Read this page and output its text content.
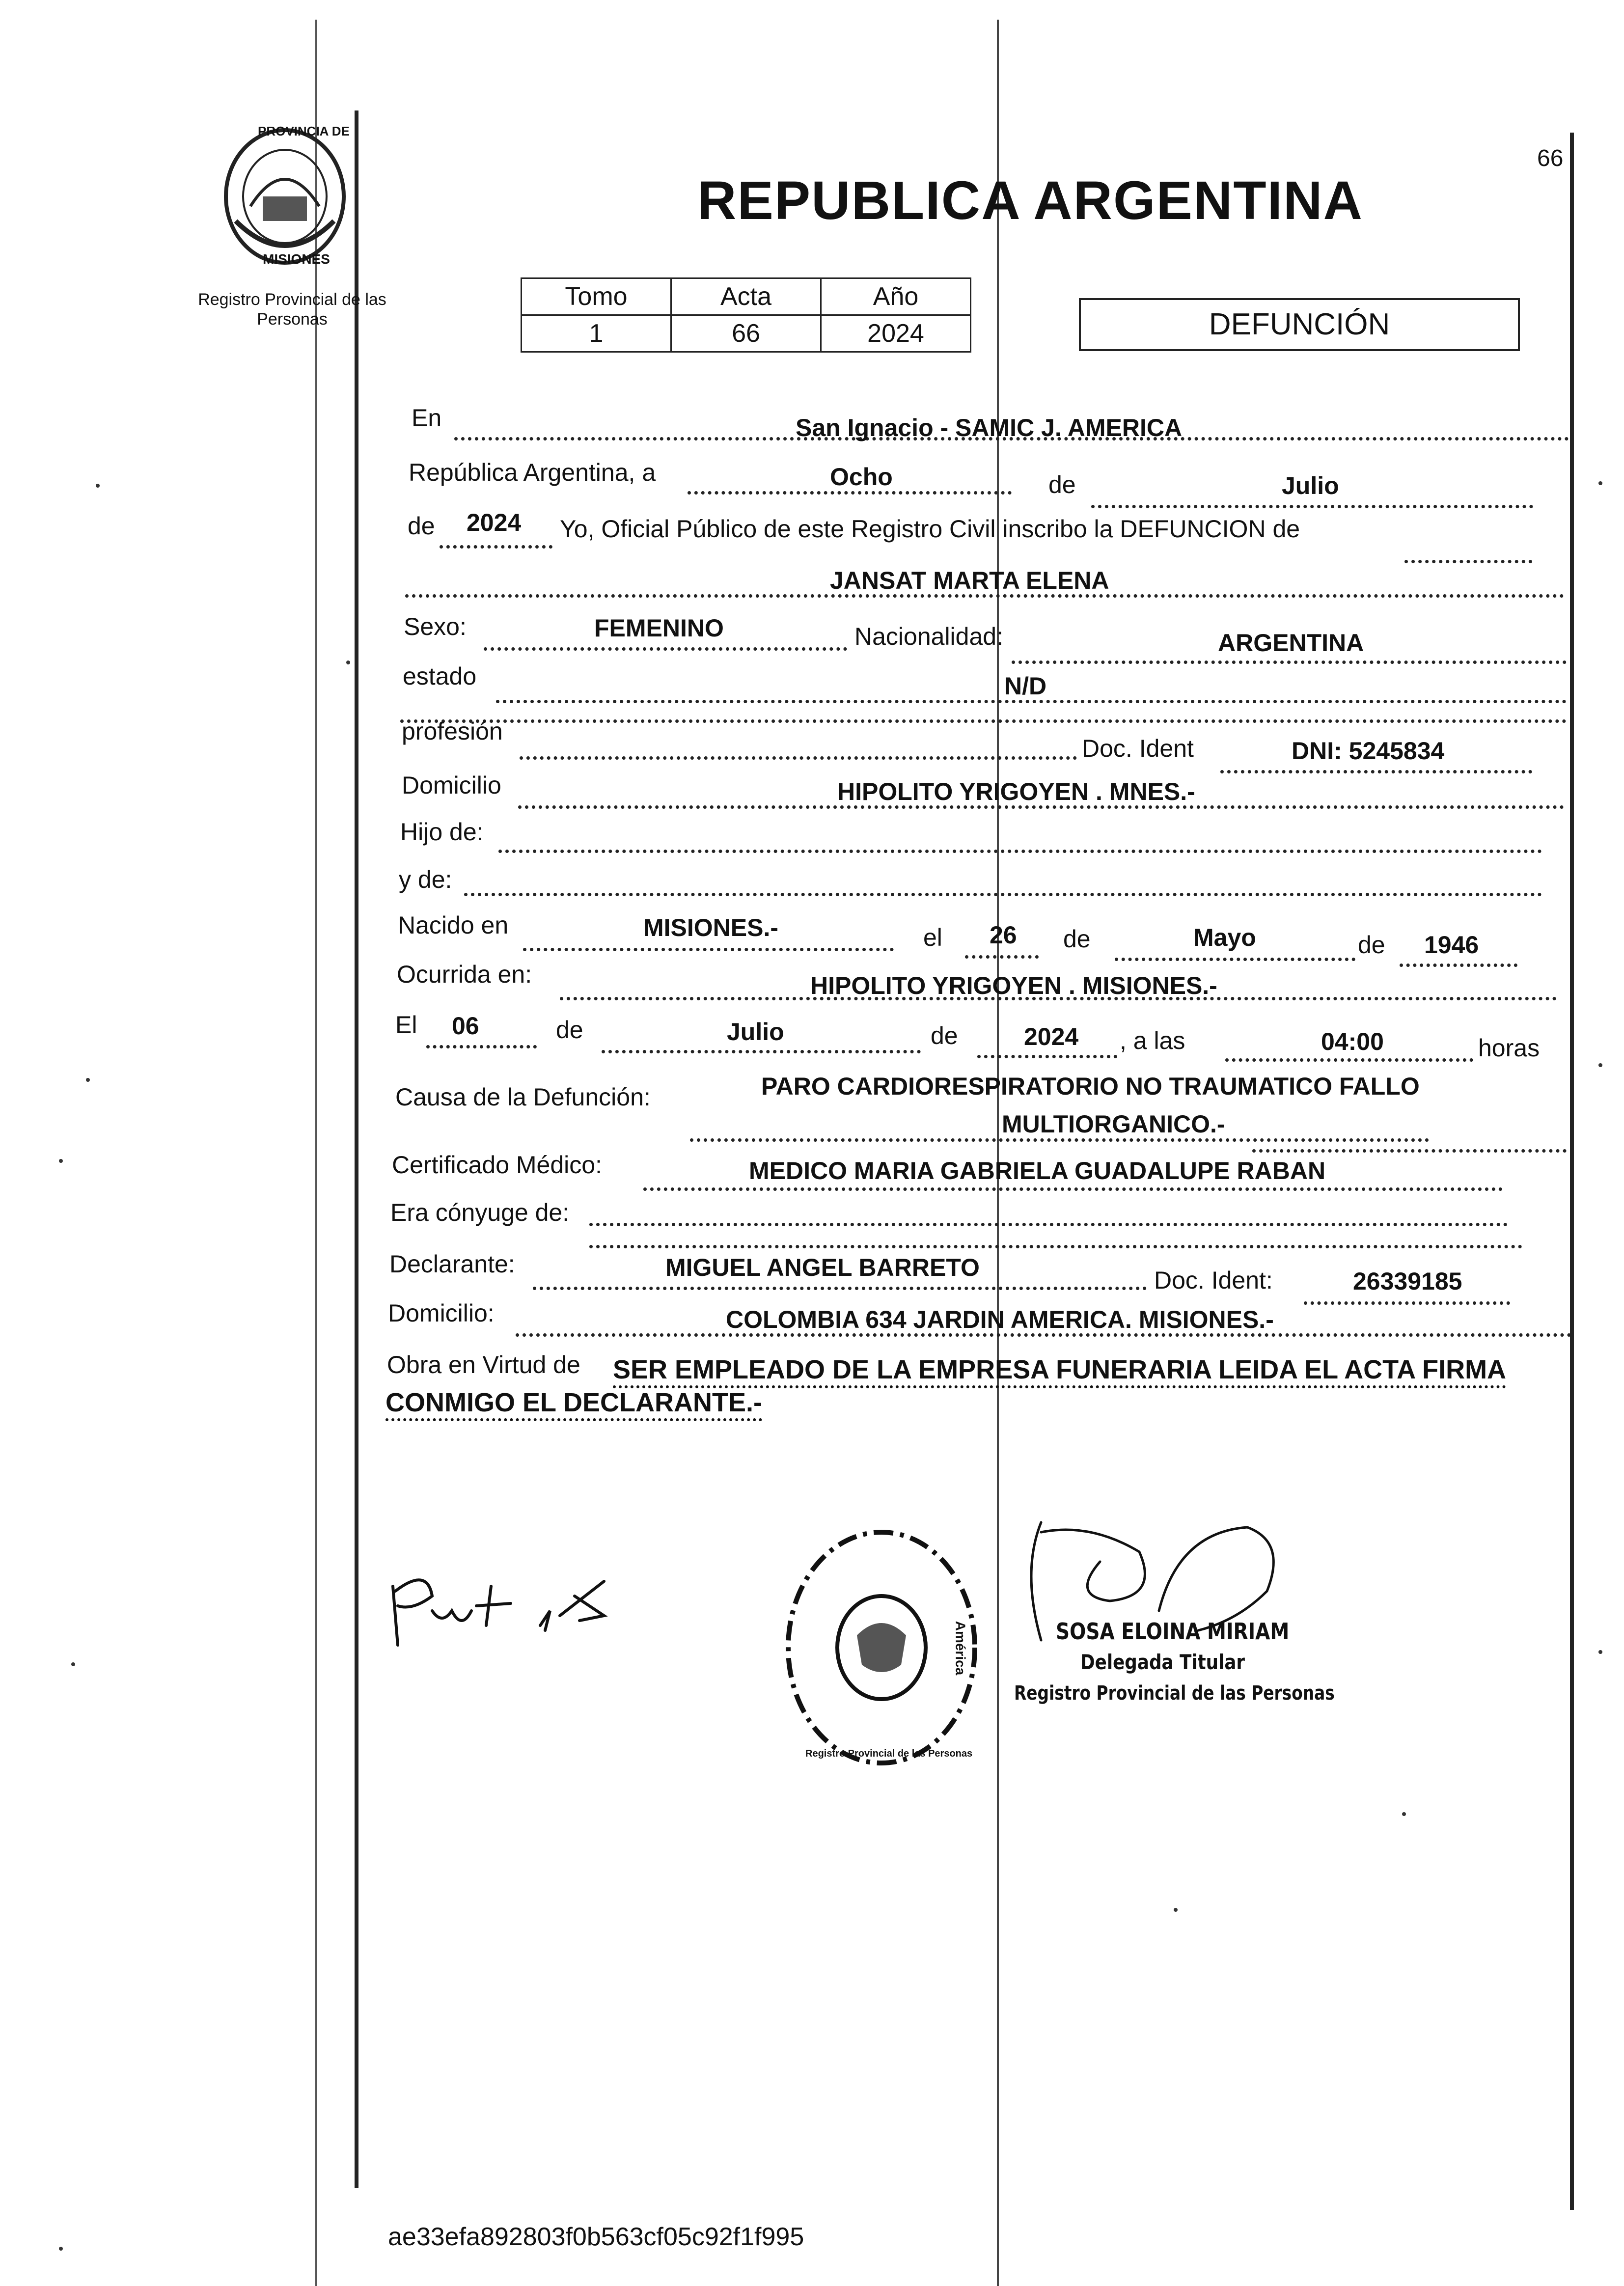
PROVINCIA DE
MISIONES
Registro Provincial de las Personas
66
REPUBLICA ARGENTINA
Tomo	Acta	Año
1	66	2024	DEFUNCIÓN
En	San Ignacio - SAMIC J. AMERICA
República Argentina, a	Ocho	de	Julio
de 2024 Yo, Oficial Público de este Registro Civil inscribo la DEFUNCION de
JANSAT MARTA ELENA
Sexo:	FEMENINO	Nacionalidad:	ARGENTINA
estado	N/D
profesión
Doc. Ident	DNI: 5245834
Domicilio	HIPOLITO YRIGOYEN . MNES.-
Hijo de:
y de:
Nacido en	MISIONES.-	el 26 de	Mayo	de 1946
Ocurrida en:	HIPOLITO YRIGOYEN . MISIONES.-
El 06	de	Julio	de	2024 , a las	04:00	horas
Causa de la Defunción:	PARO CARDIORESPIRATORIO NO TRAUMATICO FALLO
MULTIORGANICO.-
Certificado Médico:	MEDICO MARIA GABRIELA GUADALUPE RABAN
Era cónyuge de:
Declarante:	MIGUEL ANGEL BARRETO	Doc. Ident:	26339185
Domicilio:	COLOMBIA 634 JARDIN AMERICA. MISIONES.-
Obra en Virtud de SER EMPLEADO DE LA EMPRESA FUNERARIA LEIDA EL ACTA FIRMA
CONMIGO EL DECLARANTE.-
Registro Provincial de las Personas
América	SOSA ELOINA MIRIAM
Delegada Titular
Registro Provincial de las Personas
ae33efa892803f0b563cf05c92f1f995
